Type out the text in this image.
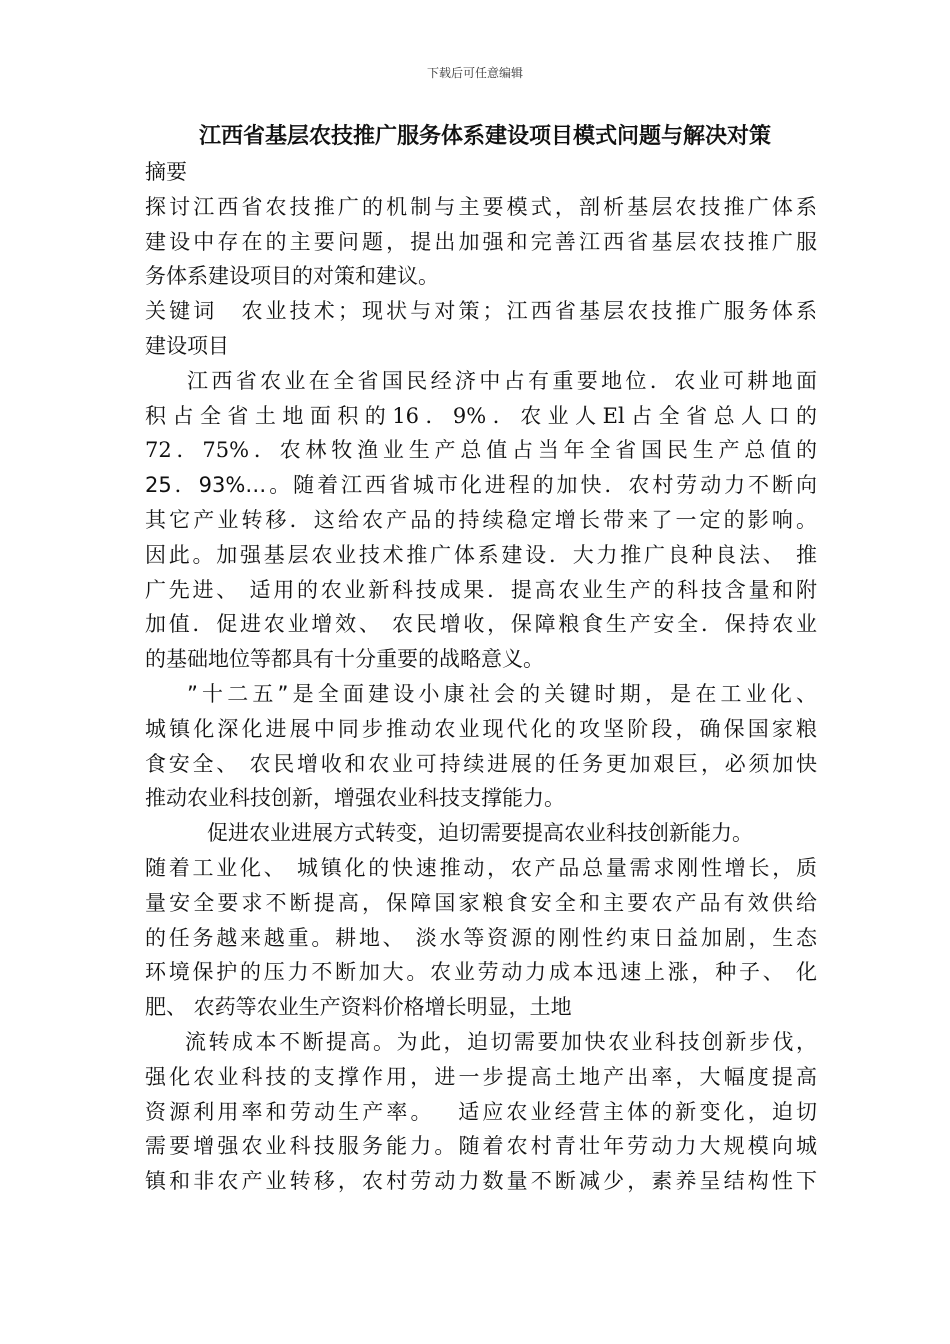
下载后可任意编辑
江西省基层农技推广服务体系建设项目模式问题与解决对策
摘要
探讨江西省农技推广的机制与主要模式，剖析基层农技推广体系
建设中存在的主要问题，提出加强和完善江西省基层农技推广服
务体系建设项目的对策和建议。
关键词　农业技术；现状与对策；江西省基层农技推广服务体系
建设项目
江西省农业在全省国民经济中占有重要地位．农业可耕地面
积占全省土地面积的16．9%．农业人El占全省总人口的
72．75%．农林牧渔业生产总值占当年全省国民生产总值的
25．93%…。随着江西省城市化进程的加快．农村劳动力不断向
其它产业转移．这给农产品的持续稳定增长带来了一定的影响。
因此。加强基层农业技术推广体系建设．大力推广良种良法、 推
广先进、 适用的农业新科技成果．提高农业生产的科技含量和附
加值．促进农业增效、 农民增收，保障粮食生产安全．保持农业
的基础地位等都具有十分重要的战略意义。
”十二五”是全面建设小康社会的关键时期，是在工业化、
城镇化深化进展中同步推动农业现代化的攻坚阶段，确保国家粮
食安全、 农民增收和农业可持续进展的任务更加艰巨，必须加快
推动农业科技创新，增强农业科技支撑能力。
促进农业进展方式转变，迫切需要提高农业科技创新能力。
随着工业化、 城镇化的快速推动，农产品总量需求刚性增长，质
量安全要求不断提高，保障国家粮食安全和主要农产品有效供给
的任务越来越重。耕地、 淡水等资源的刚性约束日益加剧，生态
环境保护的压力不断加大。农业劳动力成本迅速上涨，种子、 化
肥、 农药等农业生产资料价格增长明显，土地
流转成本不断提高。为此，迫切需要加快农业科技创新步伐，
强化农业科技的支撑作用，进一步提高土地产出率，大幅度提高
资源利用率和劳动生产率。　 适应农业经营主体的新变化，迫切
需要增强农业科技服务能力。随着农村青壮年劳动力大规模向城
镇和非农产业转移，农村劳动力数量不断减少，素养呈结构性下
